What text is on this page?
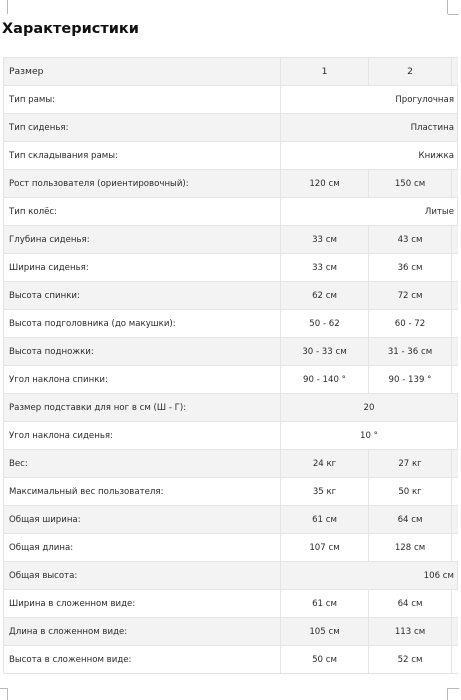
Характеристики
Размер	1	2	
Тип рамы:	Прогулочная		
Тип сиденья:	Пластина		
Тип складывания рамы:	Книжка		
Рост пользователя (ориентировочный):	120 см	150 см	
Тип колёс:	Литые		
Глубина сиденья:	33 см	43 см	
Ширина сиденья:	33 см	36 см	
Высота спинки:	62 см	72 см	
Высота подголовника (до макушки):	50 - 62	60 - 72	
Высота подножки:	30 - 33 см	31 - 36 см	
Угол наклона спинки:	90 - 140 °	90 - 139 °	
Размер подставки для ног в см (Ш - Г):	20		
Угол наклона сиденья:	10 °		
Вес:	24 кг	27 кг	
Максимальный вес пользователя:	35 кг	50 кг	
Общая ширина:	61 см	64 см	
Общая длина:	107 см	128 см	
Общая высота:	106 см		
Ширина в сложенном виде:	61 см	64 см	
Длина в сложенном виде:	105 см	113 см	
Высота в сложенном виде:	50 см	52 см	
